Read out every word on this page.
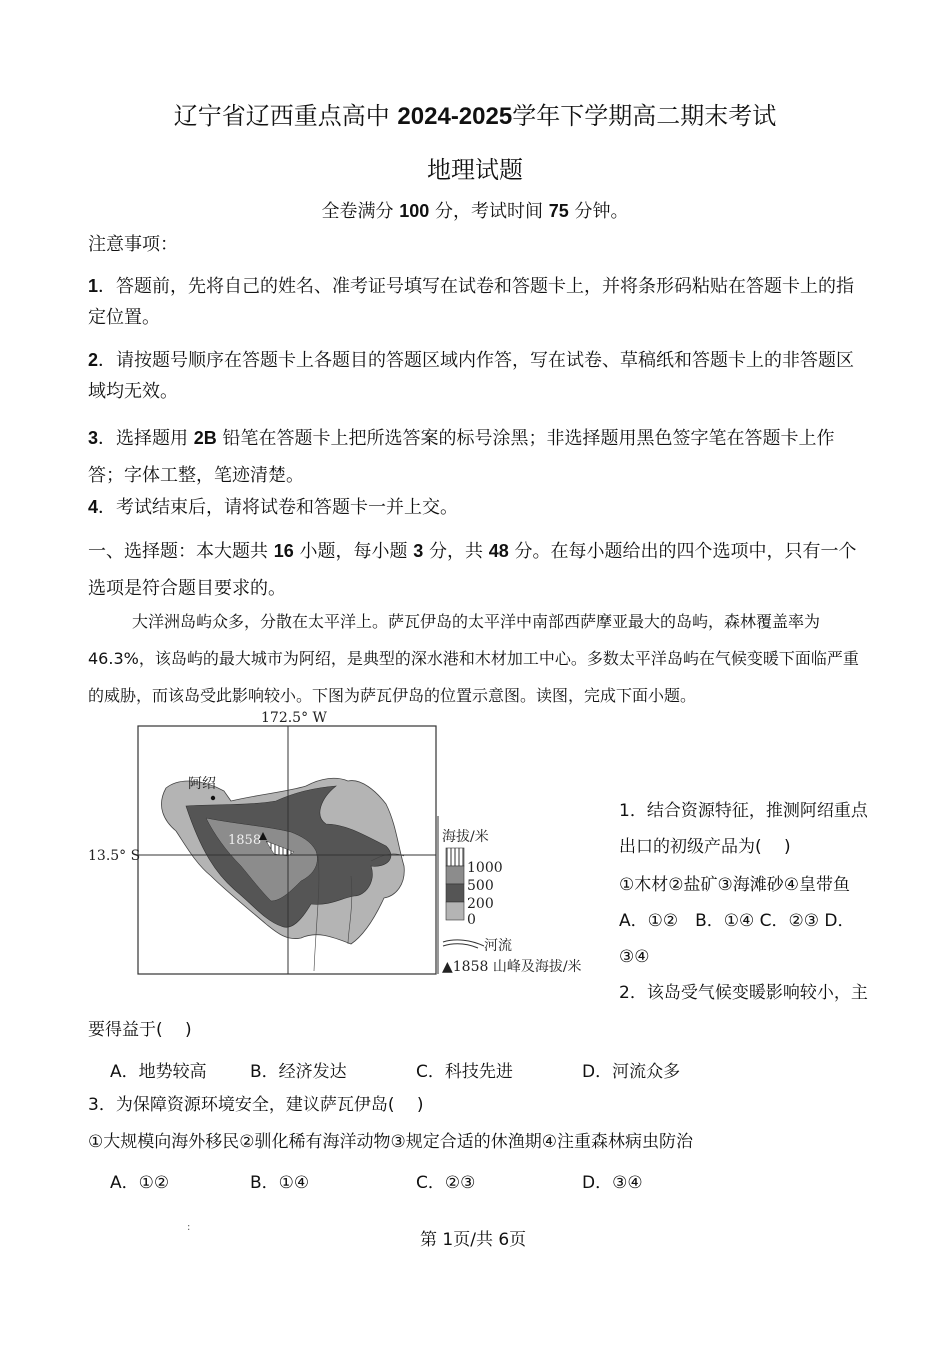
辽宁省辽西重点高中 2024-2025学年下学期高二期末考试
地理试题
全卷满分 100 分，考试时间 75 分钟。
注意事项：
1．答题前，先将自己的姓名、准考证号填写在试卷和答题卡上，并将条形码粘贴在答题卡上的指定位置。
2．请按题号顺序在答题卡上各题目的答题区域内作答，写在试卷、草稿纸和答题卡上的非答题区域均无效。
3．选择题用 2B 铅笔在答题卡上把所选答案的标号涂黑；非选择题用黑色签字笔在答题卡上作答；字体工整，笔迹清楚。
4．考试结束后，请将试卷和答题卡一并上交。
一、选择题：本大题共 16 小题，每小题 3 分，共 48 分。在每小题给出的四个选项中，只有一个选项是符合题目要求的。
大洋洲岛屿众多，分散在太平洋上。萨瓦伊岛的太平洋中南部西萨摩亚最大的岛屿，森林覆盖率为46.3%，该岛屿的最大城市为阿绍，是典型的深水港和木材加工中心。多数太平洋岛屿在气候变暖下面临严重的威胁，而该岛受此影响较小。下图为萨瓦伊岛的位置示意图。读图，完成下面小题。
172.5° W
13.5° S
阿绍
1858	海拔/米
1000
500
200
0
河流
▲1858 山峰及海拔/米
1．结合资源特征，推测阿绍重点
出口的初级产品为(　 )
①木材②盐矿③海滩砂④皇带鱼
A．①②　B．①④ C．②③ D．
③④
2．该岛受气候变暖影响较小，主
要得益于(　 )
A．地势较高	B．经济发达	C．科技先进	D．河流众多
3．为保障资源环境安全，建议萨瓦伊岛(　 )
①大规模向海外移民②驯化稀有海洋动物③规定合适的休渔期④注重森林病虫防治
A．①②	B．①④	C．②③	D．③④
:
第 1页/共 6页
